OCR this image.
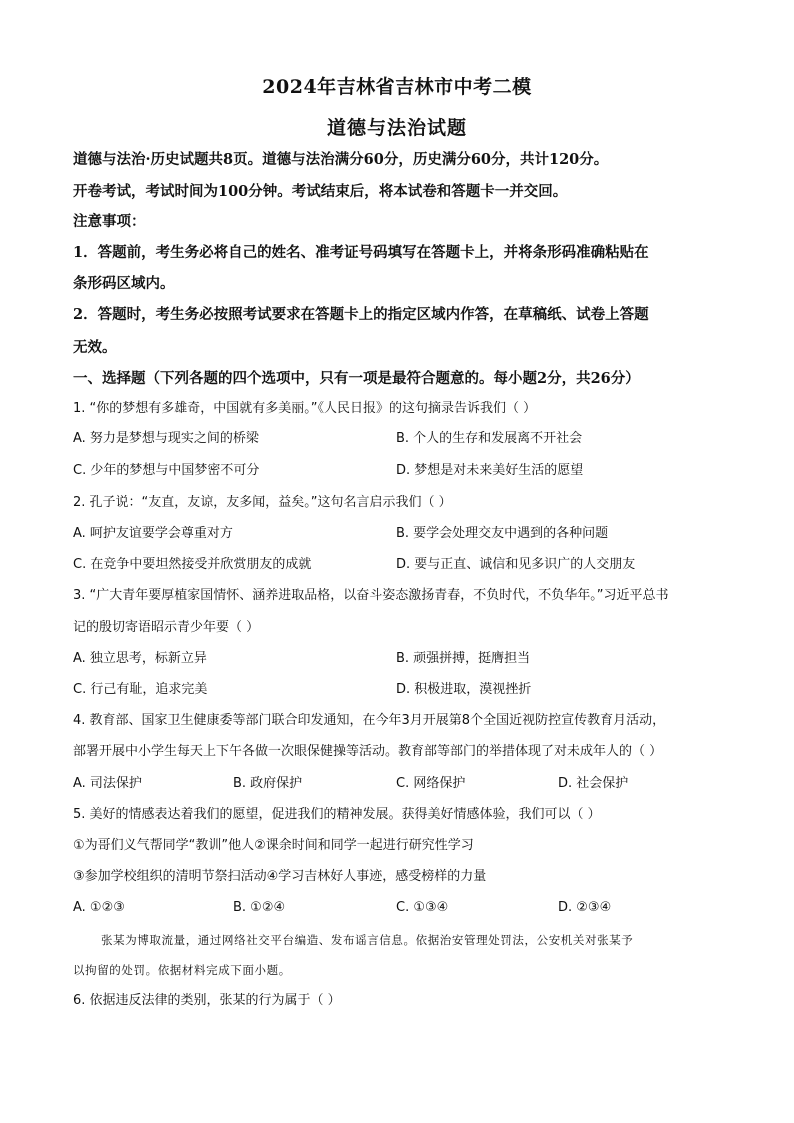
2024年吉林省吉林市中考二模
道德与法治试题
道德与法治·历史试题共8页。道德与法治满分60分，历史满分60分，共计120分。
开卷考试，考试时间为100分钟。考试结束后，将本试卷和答题卡一并交回。
注意事项：
1．答题前，考生务必将自己的姓名、准考证号码填写在答题卡上，并将条形码准确粘贴在
条形码区域内。
2．答题时，考生务必按照考试要求在答题卡上的指定区域内作答，在草稿纸、试卷上答题
无效。
一、选择题（下列各题的四个选项中，只有一项是最符合题意的。每小题2分，共26分）
1. “你的梦想有多雄奇，中国就有多美丽。”《人民日报》的这句摘录告诉我们（ ）
A. 努力是梦想与现实之间的桥梁	B. 个人的生存和发展离不开社会
C. 少年的梦想与中国梦密不可分	D. 梦想是对未来美好生活的愿望
2. 孔子说：“友直，友谅，友多闻，益矣。”这句名言启示我们（ ）
A. 呵护友谊要学会尊重对方	B. 要学会处理交友中遇到的各种问题
C. 在竞争中要坦然接受并欣赏朋友的成就	D. 要与正直、诚信和见多识广的人交朋友
3. “广大青年要厚植家国情怀、涵养进取品格，以奋斗姿态激扬青春，不负时代，不负华年。”习近平总书
记的殷切寄语昭示青少年要（ ）
A. 独立思考，标新立异	B. 顽强拼搏，挺膺担当
C. 行己有耻，追求完美	D. 积极进取，漠视挫折
4. 教育部、国家卫生健康委等部门联合印发通知，在今年3月开展第8个全国近视防控宣传教育月活动，
部署开展中小学生每天上下午各做一次眼保健操等活动。教育部等部门的举措体现了对未成年人的（ ）
A. 司法保护	B. 政府保护	C. 网络保护	D. 社会保护
5. 美好的情感表达着我们的愿望，促进我们的精神发展。获得美好情感体验，我们可以（ ）
①为哥们义气帮同学“教训”他人②课余时间和同学一起进行研究性学习
③参加学校组织的清明节祭扫活动④学习吉林好人事迹，感受榜样的力量
A. ①②③	B. ①②④	C. ①③④	D. ②③④
张某为博取流量，通过网络社交平台编造、发布谣言信息。依据治安管理处罚法，公安机关对张某予
以拘留的处罚。依据材料完成下面小题。
6. 依据违反法律的类别，张某的行为属于（ ）
